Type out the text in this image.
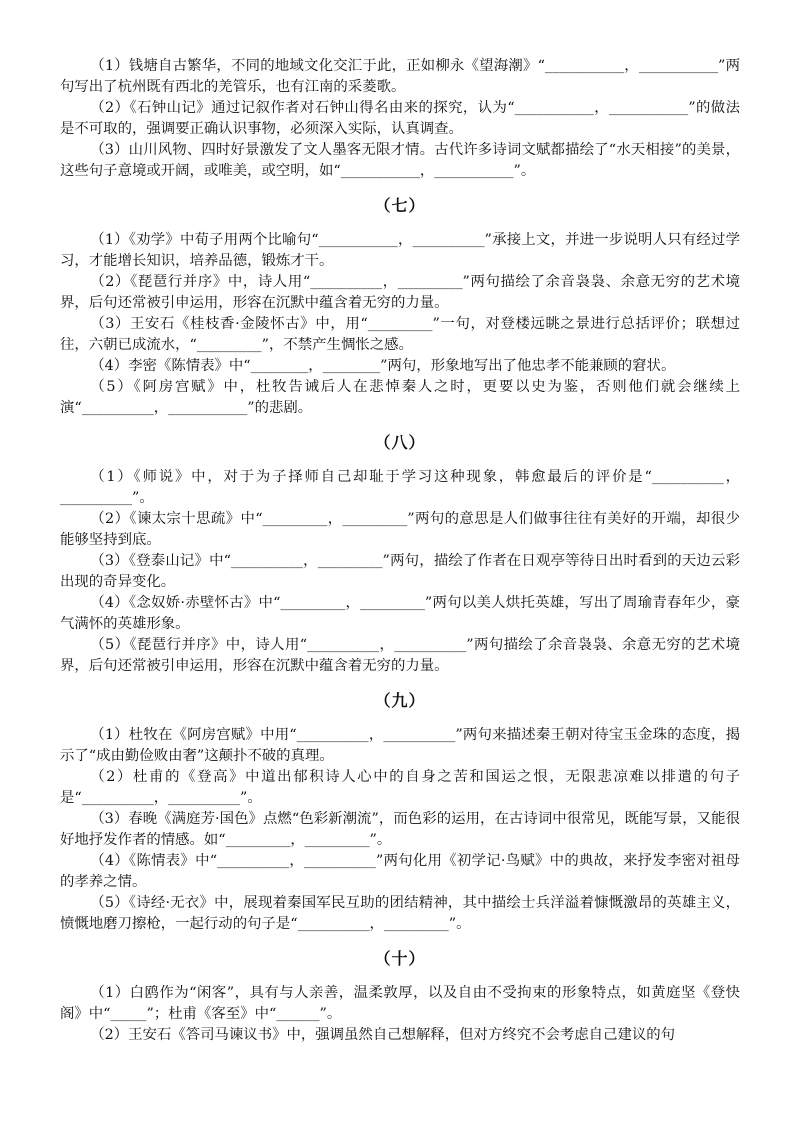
（1）钱塘自古繁华，不同的地域文化交汇于此，正如柳永《望海潮》“___________，___________”两句写出了杭州既有西北的羌管乐，也有江南的采菱歌。

（2）《石钟山记》通过记叙作者对石钟山得名由来的探究，认为“___________，___________”的做法是不可取的，强调要正确认识事物，必须深入实际，认真调查。

（3）山川风物、四时好景激发了文人墨客无限才情。古代许多诗词文赋都描绘了“水天相接”的美景，这些句子意境或开阔，或唯美，或空明，如“___________，___________”。

（七）

（1）《劝学》中荀子用两个比喻句“___________，__________”承接上文，并进一步说明人只有经过学习，才能增长知识，培养品德，锻炼才干。

（2）《琵琶行并序》中，诗人用“__________，_________”两句描绘了余音袅袅、余意无穷的艺术境界，后句还常被引申运用，形容在沉默中蕴含着无穷的力量。

（3）王安石《桂枝香·金陵怀古》中，用“_________”一句，对登楼远眺之景进行总括评价；联想过往，六朝已成流水，“_________”，不禁产生惆怅之感。

（4）李密《陈情表》中“________，________”两句，形象地写出了他忠孝不能兼顾的窘状。

（5）《阿房宫赋》中，杜牧告诫后人在悲悼秦人之时，更要以史为鉴，否则他们就会继续上演“__________，___________”的悲剧。

（八）

（1）《师说》中，对于为子择师自己却耻于学习这种现象，韩愈最后的评价是“__________，__________”。

（2）《谏太宗十思疏》中“_________，_________”两句的意思是人们做事往往有美好的开端，却很少能够坚持到底。

（3）《登泰山记》中“__________，_________”两句，描绘了作者在日观亭等待日出时看到的天边云彩出现的奇异变化。

（4）《念奴娇·赤壁怀古》中“_________，_________”两句以美人烘托英雄，写出了周瑜青春年少，豪气满怀的英雄形象。

（5）《琵琶行并序》中，诗人用“__________，__________”两句描绘了余音袅袅、余意无穷的艺术境界，后句还常被引申运用，形容在沉默中蕴含着无穷的力量。

（九）

（1）杜牧在《阿房宫赋》中用“__________，__________”两句来描述秦王朝对待宝玉金珠的态度，揭示了“成由勤俭败由奢”这颠扑不破的真理。

（2）杜甫的《登高》中道出郁积诗人心中的自身之苦和国运之恨，无限悲凉难以排遣的句子是“__________，__________”。

（3）春晚《满庭芳·国色》点燃“色彩新潮流”，而色彩的运用，在古诗词中很常见，既能写景，又能很好地抒发作者的情感。如“_________，_________”。

（4）《陈情表》中“__________，__________”两句化用《初学记·鸟赋》中的典故，来抒发李密对祖母的孝养之情。

（5）《诗经·无衣》中，展现着秦国军民互助的团结精神，其中描绘士兵洋溢着慷慨激昂的英雄主义，愤慨地磨刀擦枪，一起行动的句子是“__________，_________”。

（十）

（1）白鸥作为“闲客”，具有与人亲善，温柔敦厚，以及自由不受拘束的形象特点，如黄庭坚《登快阁》中“_____”；杜甫《客至》中“______”。

（2）王安石《答司马谏议书》中，强调虽然自己想解释，但对方终究不会考虑自己建议的句
